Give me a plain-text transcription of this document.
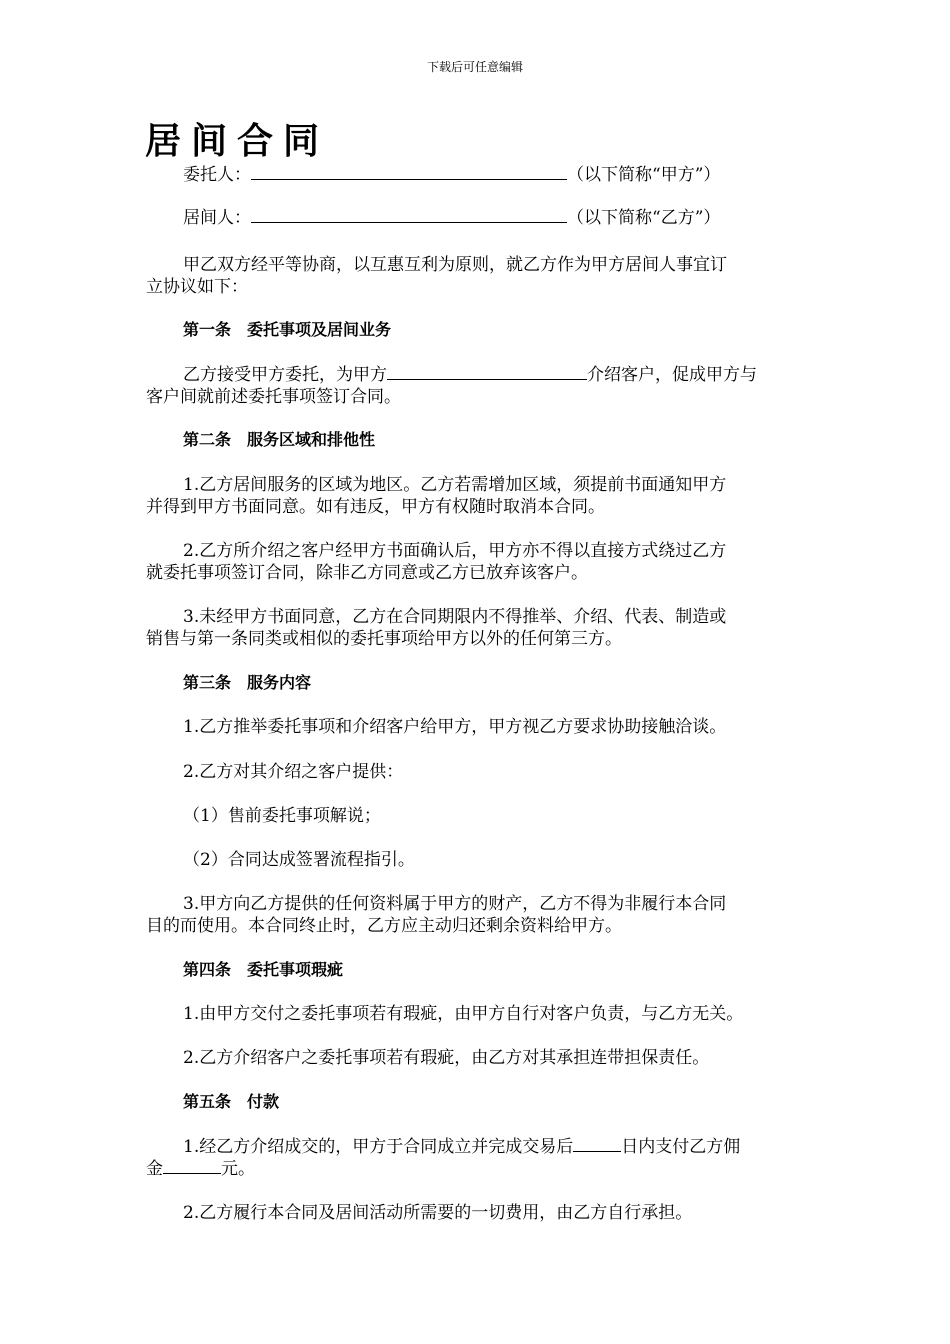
下载后可任意编辑
居间合同
委托人：	（以下简称“甲方”）
居间人：	（以下简称“乙方”）
甲乙双方经平等协商，以互惠互利为原则，就乙方作为甲方居间人事宜订
立协议如下：
第一条　委托事项及居间业务
乙方接受甲方委托，为甲方	介绍客户，促成甲方与
客户间就前述委托事项签订合同。
第二条　服务区域和排他性
1.乙方居间服务的区域为地区。乙方若需增加区域，须提前书面通知甲方
并得到甲方书面同意。如有违反，甲方有权随时取消本合同。
2.乙方所介绍之客户经甲方书面确认后，甲方亦不得以直接方式绕过乙方
就委托事项签订合同，除非乙方同意或乙方已放弃该客户。
3.未经甲方书面同意，乙方在合同期限内不得推举、介绍、代表、制造或
销售与第一条同类或相似的委托事项给甲方以外的任何第三方。
第三条　服务内容
1.乙方推举委托事项和介绍客户给甲方，甲方视乙方要求协助接触洽谈。
2.乙方对其介绍之客户提供：
（1）售前委托事项解说；
（2）合同达成签署流程指引。
3.甲方向乙方提供的任何资料属于甲方的财产，乙方不得为非履行本合同
目的而使用。本合同终止时，乙方应主动归还剩余资料给甲方。
第四条　委托事项瑕疵
1.由甲方交付之委托事项若有瑕疵，由甲方自行对客户负责，与乙方无关。
2.乙方介绍客户之委托事项若有瑕疵，由乙方对其承担连带担保责任。
第五条　付款
1.经乙方介绍成交的，甲方于合同成立并完成交易后	日内支付乙方佣
金	元。
2.乙方履行本合同及居间活动所需要的一切费用，由乙方自行承担。
